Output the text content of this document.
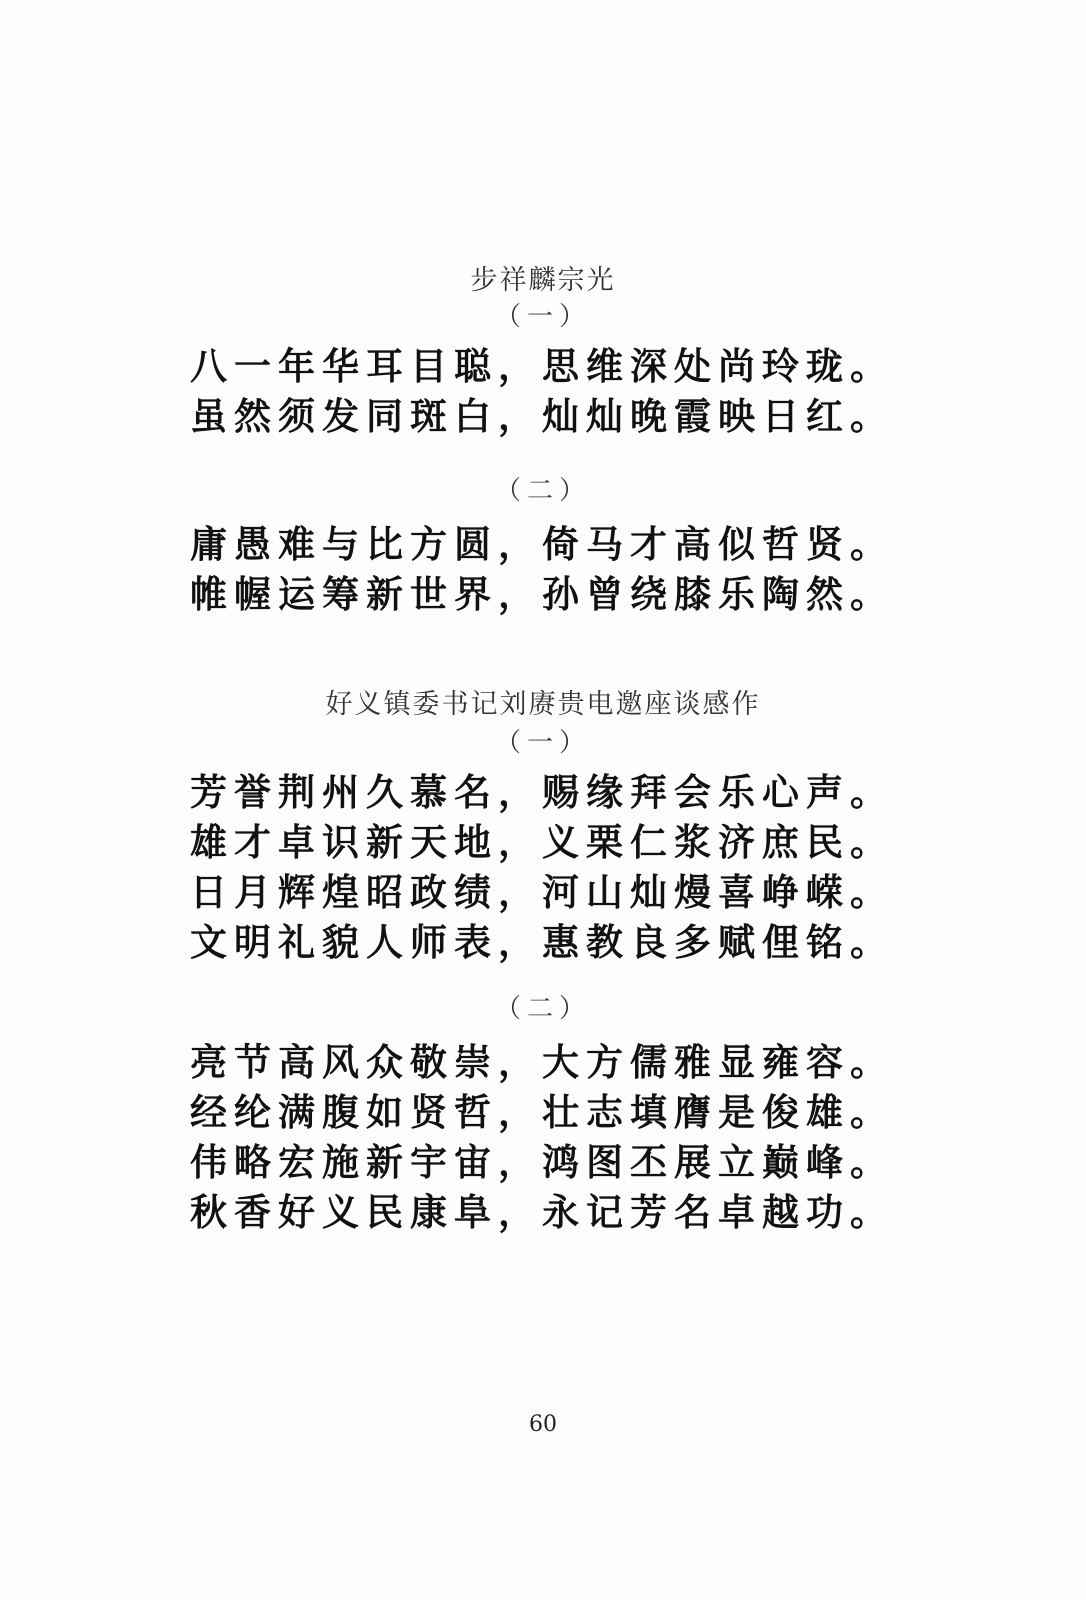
步祥麟宗光
（一）
八一年华耳目聪，思维深处尚玲珑。
虽然须发同斑白，灿灿晚霞映日红。
（二）
庸愚难与比方圆，倚马才高似哲贤。
帷幄运筹新世界，孙曾绕膝乐陶然。
好义镇委书记刘赓贵电邀座谈感作
（一）
芳誉荆州久慕名，赐缘拜会乐心声。
雄才卓识新天地，义栗仁浆济庶民。
日月辉煌昭政绩，河山灿熳喜峥嵘。
文明礼貌人师表，惠教良多赋俚铭。
（二）
亮节高风众敬崇，大方儒雅显雍容。
经纶满腹如贤哲，壮志填膺是俊雄。
伟略宏施新宇宙，鸿图丕展立巅峰。
秋香好义民康阜，永记芳名卓越功。
60
